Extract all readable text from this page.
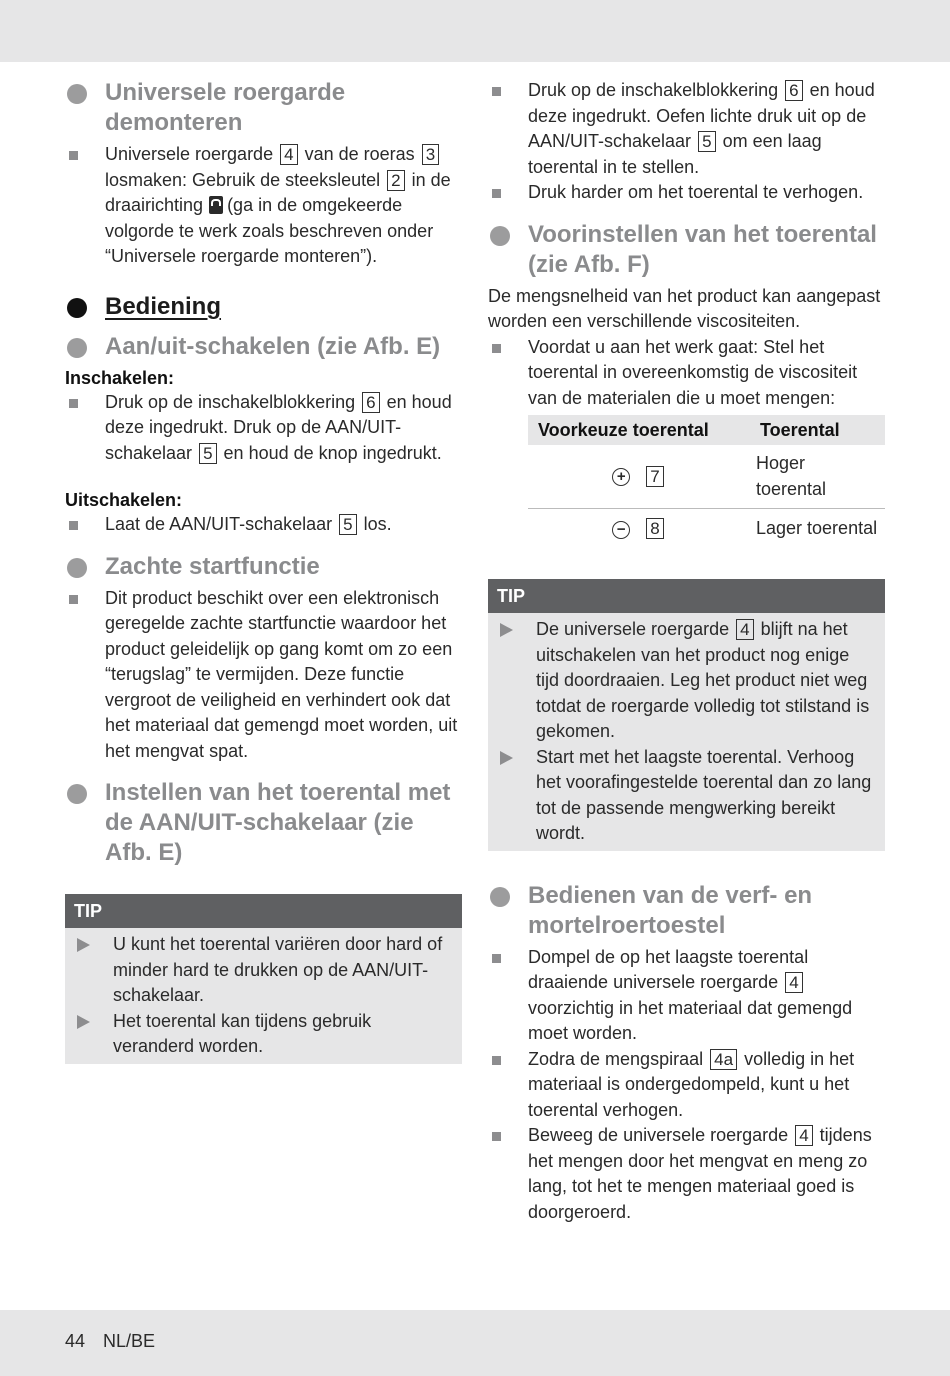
Universele roergarde demonteren
Universele roergarde 4 van de roeras 3 losmaken: Gebruik de steeksleutel 2 in de draairichting (ga in de omgekeerde volgorde te werk zoals beschreven onder “Universele roergarde monteren”).
Bediening
Aan/uit-schakelen (zie Afb. E)

Inschakelen:

Druk op de inschakelblokkering 6 en houd deze ingedrukt. Druk op de AAN/UIT-schakelaar 5 en houd de knop ingedrukt.

Uitschakelen:

Laat de AAN/UIT-schakelaar 5 los.
Zachte startfunctie
Dit product beschikt over een elektronisch geregelde zachte startfunctie waardoor het product geleidelijk op gang komt om zo een “terugslag” te vermijden. Deze functie vergroot de veiligheid en verhindert ook dat het materiaal dat gemengd moet worden, uit het mengvat spat.
Instellen van het toerental met de AAN/UIT-schakelaar (zie Afb. E)
TIP
U kunt het toerental variëren door hard of minder hard te drukken op de AAN/UIT-schakelaar.
Het toerental kan tijdens gebruik veranderd worden.
Druk op de inschakelblokkering 6 en houd deze ingedrukt. Oefen lichte druk uit op de AAN/UIT-schakelaar 5 om een laag toerental in te stellen.
Druk harder om het toerental te verhogen.
Voorinstellen van het toerental (zie Afb. F)

De mengsnelheid van het product kan aangepast worden een verschillende viscositeiten.

Voordat u aan het werk gaat: Stel het toerental in overeenkomstig de viscositeit van de materialen die u moet mengen:
Voorkeuze toerental	Toerental
+ 7	Hoger toerental
− 8	Lager toerental
TIP
De universele roergarde 4 blijft na het uitschakelen van het product nog enige tijd doordraaien. Leg het product niet weg totdat de roergarde volledig tot stilstand is gekomen.
Start met het laagste toerental. Verhoog het voorafingestelde toerental dan zo lang tot de passende mengwerking bereikt wordt.
Bedienen van de verf- en mortelroertoestel
Dompel de op het laagste toerental draaiende universele roergarde 4 voorzichtig in het materiaal dat gemengd moet worden.
Zodra de mengspiraal 4a volledig in het materiaal is ondergedompeld, kunt u het toerental verhogen.
Beweeg de universele roergarde 4 tijdens het mengen door het mengvat en meng zo lang, tot het te mengen materiaal goed is doorgeroerd.
44 NL/BE
